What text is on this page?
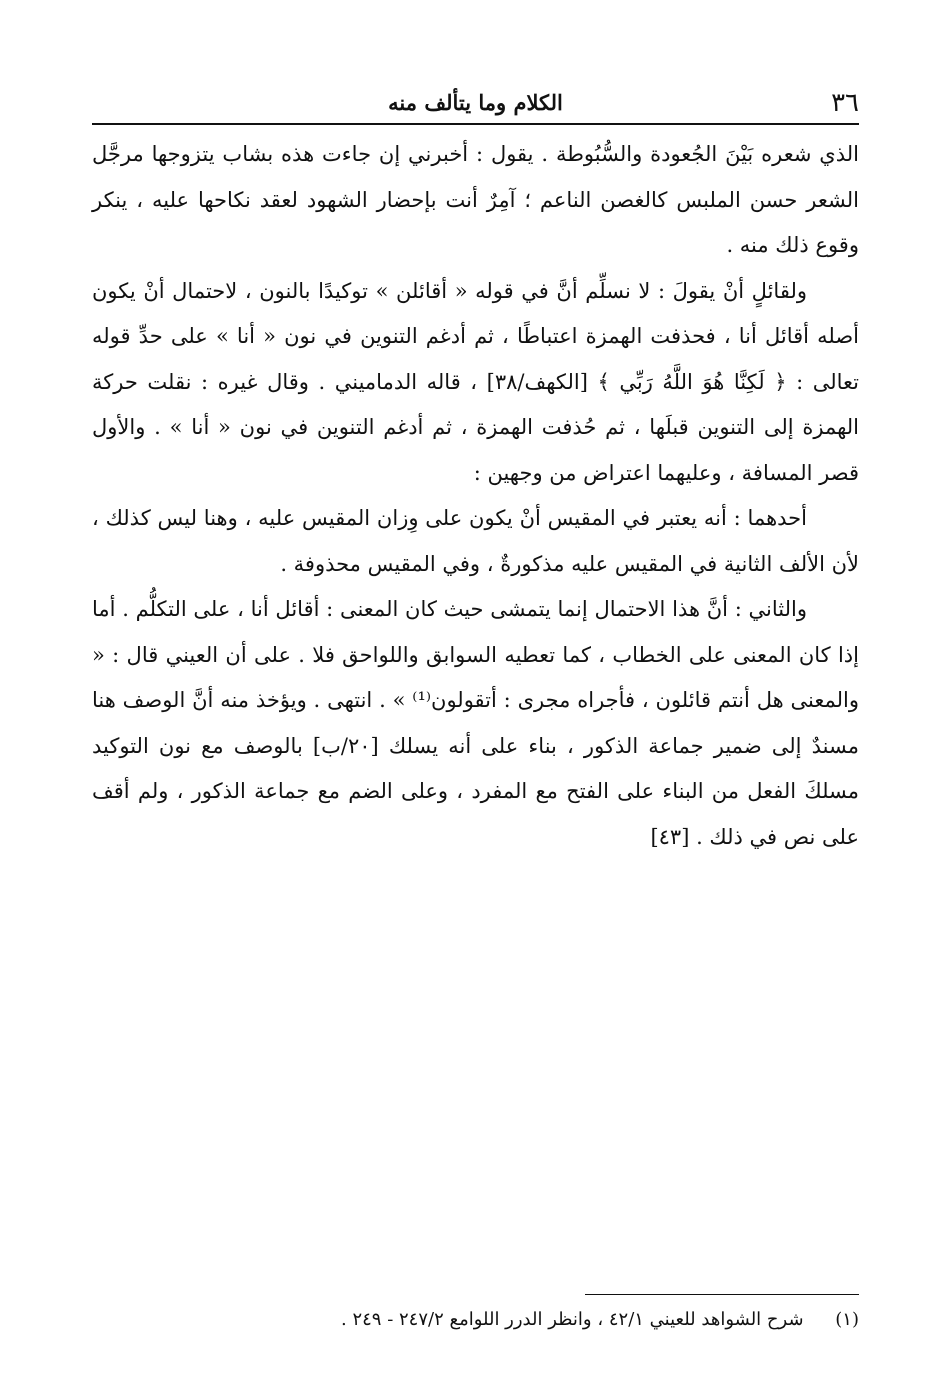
٣٦
الكلام وما يتألف منه

الذي شعره بَيْنَ الجُعودة والسُّبُوطة . يقول : أخبرني إن جاءت هذه بشاب يتزوجها مرجَّل الشعر حسن الملبس كالغصن الناعم ؛ آمِرٌ أنت بإحضار الشهود لعقد نكاحها عليه ، ينكر وقوع ذلك منه .

ولقائلٍ أنْ يقولَ : لا نسلِّم أنَّ في قوله « أقائلن » توكيدًا بالنون ، لاحتمال أنْ يكون أصله أقائل أنا ، فحذفت الهمزة اعتباطًا ، ثم أدغم التنوين في نون « أنا » على حدِّ قوله تعالى : ﴿ لَكِنَّا هُوَ اللَّهُ رَبِّي ﴾ [الكهف/٣٨] ، قاله الدماميني . وقال غيره : نقلت حركة الهمزة إلى التنوين قبلَها ، ثم حُذفت الهمزة ، ثم أدغم التنوين في نون « أنا » . والأول قصر المسافة ، وعليهما اعتراض من وجهين :

أحدهما : أنه يعتبر في المقيس أنْ يكون على وِزان المقيس عليه ، وهنا ليس كذلك ، لأن الألف الثانية في المقيس عليه مذكورةٌ ، وفي المقيس محذوفة .

والثاني : أنَّ هذا الاحتمال إنما يتمشى حيث كان المعنى : أقائل أنا ، على التكلُّم . أما إذا كان المعنى على الخطاب ، كما تعطيه السوابق واللواحق فلا . على أن العيني قال : « والمعنى هل أنتم قائلون ، فأجراه مجرى : أتقولون⁽¹⁾ » . انتهى . ويؤخذ منه أنَّ الوصف هنا مسندٌ إلى ضمير جماعة الذكور ، بناء على أنه يسلك [٢٠/ب] بالوصف مع نون التوكيد مسلكَ الفعل من البناء على الفتح مع المفرد ، وعلى الضم مع جماعة الذكور ، ولم أقف على نص في ذلك . [٤٣]

(١) شرح الشواهد للعيني ٤٢/١ ، وانظر الدرر اللوامع ٢٤٧/٢ - ٢٤٩ .
